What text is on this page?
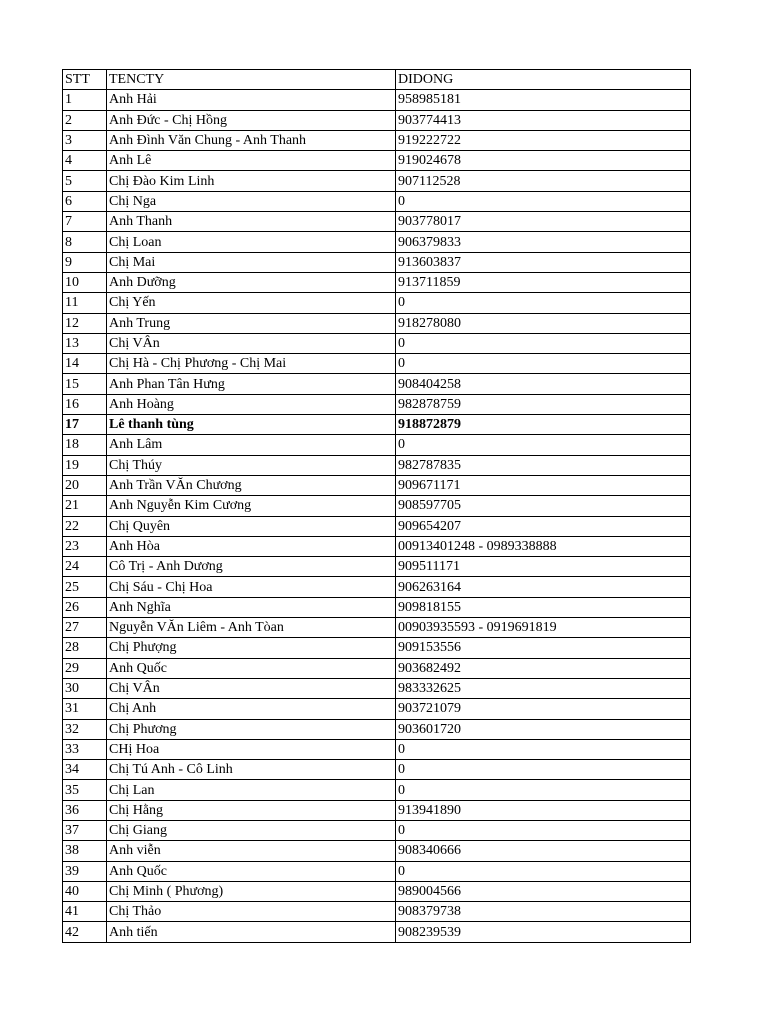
STT	TENCTY	DIDONG
1	Anh Hải	958985181
2	Anh Đức - Chị Hồng	903774413
3	Anh Đình Văn Chung - Anh Thanh	919222722
4	Anh Lê	919024678
5	Chị Đào Kim Linh	907112528
6	Chị Nga	0
7	Anh Thanh	903778017
8	Chị Loan	906379833
9	Chị Mai	913603837
10	Anh Dưỡng	913711859
11	Chị Yến	0
12	Anh Trung	918278080
13	Chị VÂn	0
14	Chị Hà - Chị Phương - Chị Mai	0
15	Anh Phan Tân Hưng	908404258
16	Anh Hoàng	982878759
17	Lê thanh tùng	918872879
18	Anh Lâm	0
19	Chị Thúy	982787835
20	Anh Trần VĂn Chương	909671171
21	Anh Nguyễn Kim Cương	908597705
22	Chị Quyên	909654207
23	Anh Hòa	00913401248 - 0989338888
24	Cô Trị - Anh Dương	909511171
25	Chị Sáu - Chị Hoa	906263164
26	Anh Nghĩa	909818155
27	Nguyễn VĂn Liêm - Anh Tòan	00903935593 - 0919691819
28	Chị Phượng	909153556
29	Anh Quốc	903682492
30	Chị VÂn	983332625
31	Chị Anh	903721079
32	Chị Phương	903601720
33	CHị Hoa	0
34	Chị Tú Anh - Cô Linh	0
35	Chị Lan	0
36	Chị Hằng	913941890
37	Chị Giang	0
38	Anh viễn	908340666
39	Anh Quốc	0
40	Chị Minh ( Phương)	989004566
41	Chị Thảo	908379738
42	Anh tiến	908239539
